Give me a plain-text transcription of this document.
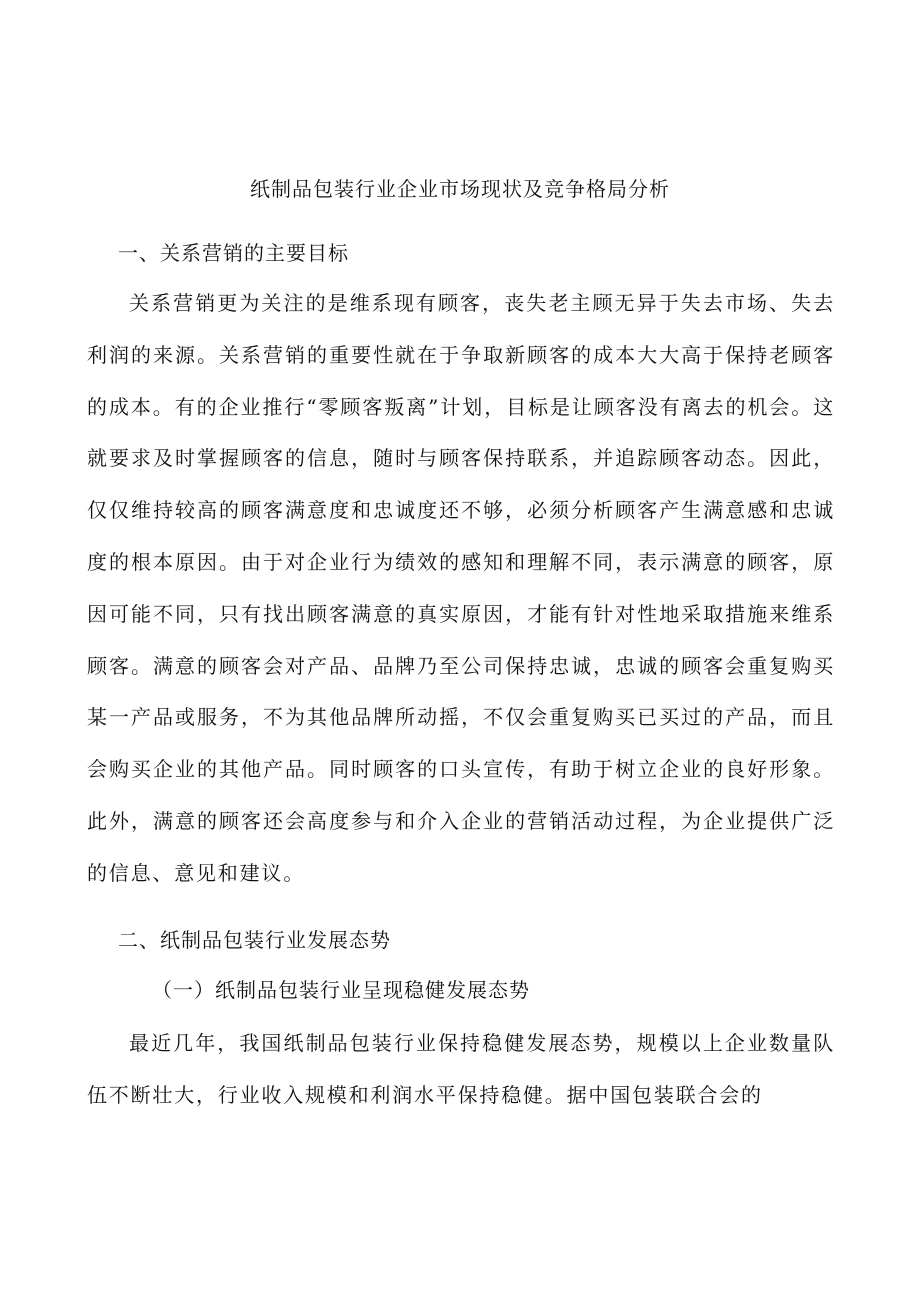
纸制品包装行业企业市场现状及竞争格局分析
一、关系营销的主要目标

关系营销更为关注的是维系现有顾客，丧失老主顾无异于失去市场、失去利润的来源。关系营销的重要性就在于争取新顾客的成本大大高于保持老顾客的成本。有的企业推行“零顾客叛离”计划，目标是让顾客没有离去的机会。这就要求及时掌握顾客的信息，随时与顾客保持联系，并追踪顾客动态。因此，仅仅维持较高的顾客满意度和忠诚度还不够，必须分析顾客产生满意感和忠诚度的根本原因。由于对企业行为绩效的感知和理解不同，表示满意的顾客，原因可能不同，只有找出顾客满意的真实原因，才能有针对性地采取措施来维系顾客。满意的顾客会对产品、品牌乃至公司保持忠诚，忠诚的顾客会重复购买某一产品或服务，不为其他品牌所动摇，不仅会重复购买已买过的产品，而且会购买企业的其他产品。同时顾客的口头宣传，有助于树立企业的良好形象。此外，满意的顾客还会高度参与和介入企业的营销活动过程，为企业提供广泛的信息、意见和建议。

二、纸制品包装行业发展态势
（一）纸制品包装行业呈现稳健发展态势

最近几年，我国纸制品包装行业保持稳健发展态势，规模以上企业数量队伍不断壮大，行业收入规模和利润水平保持稳健。据中国包装联合会的
